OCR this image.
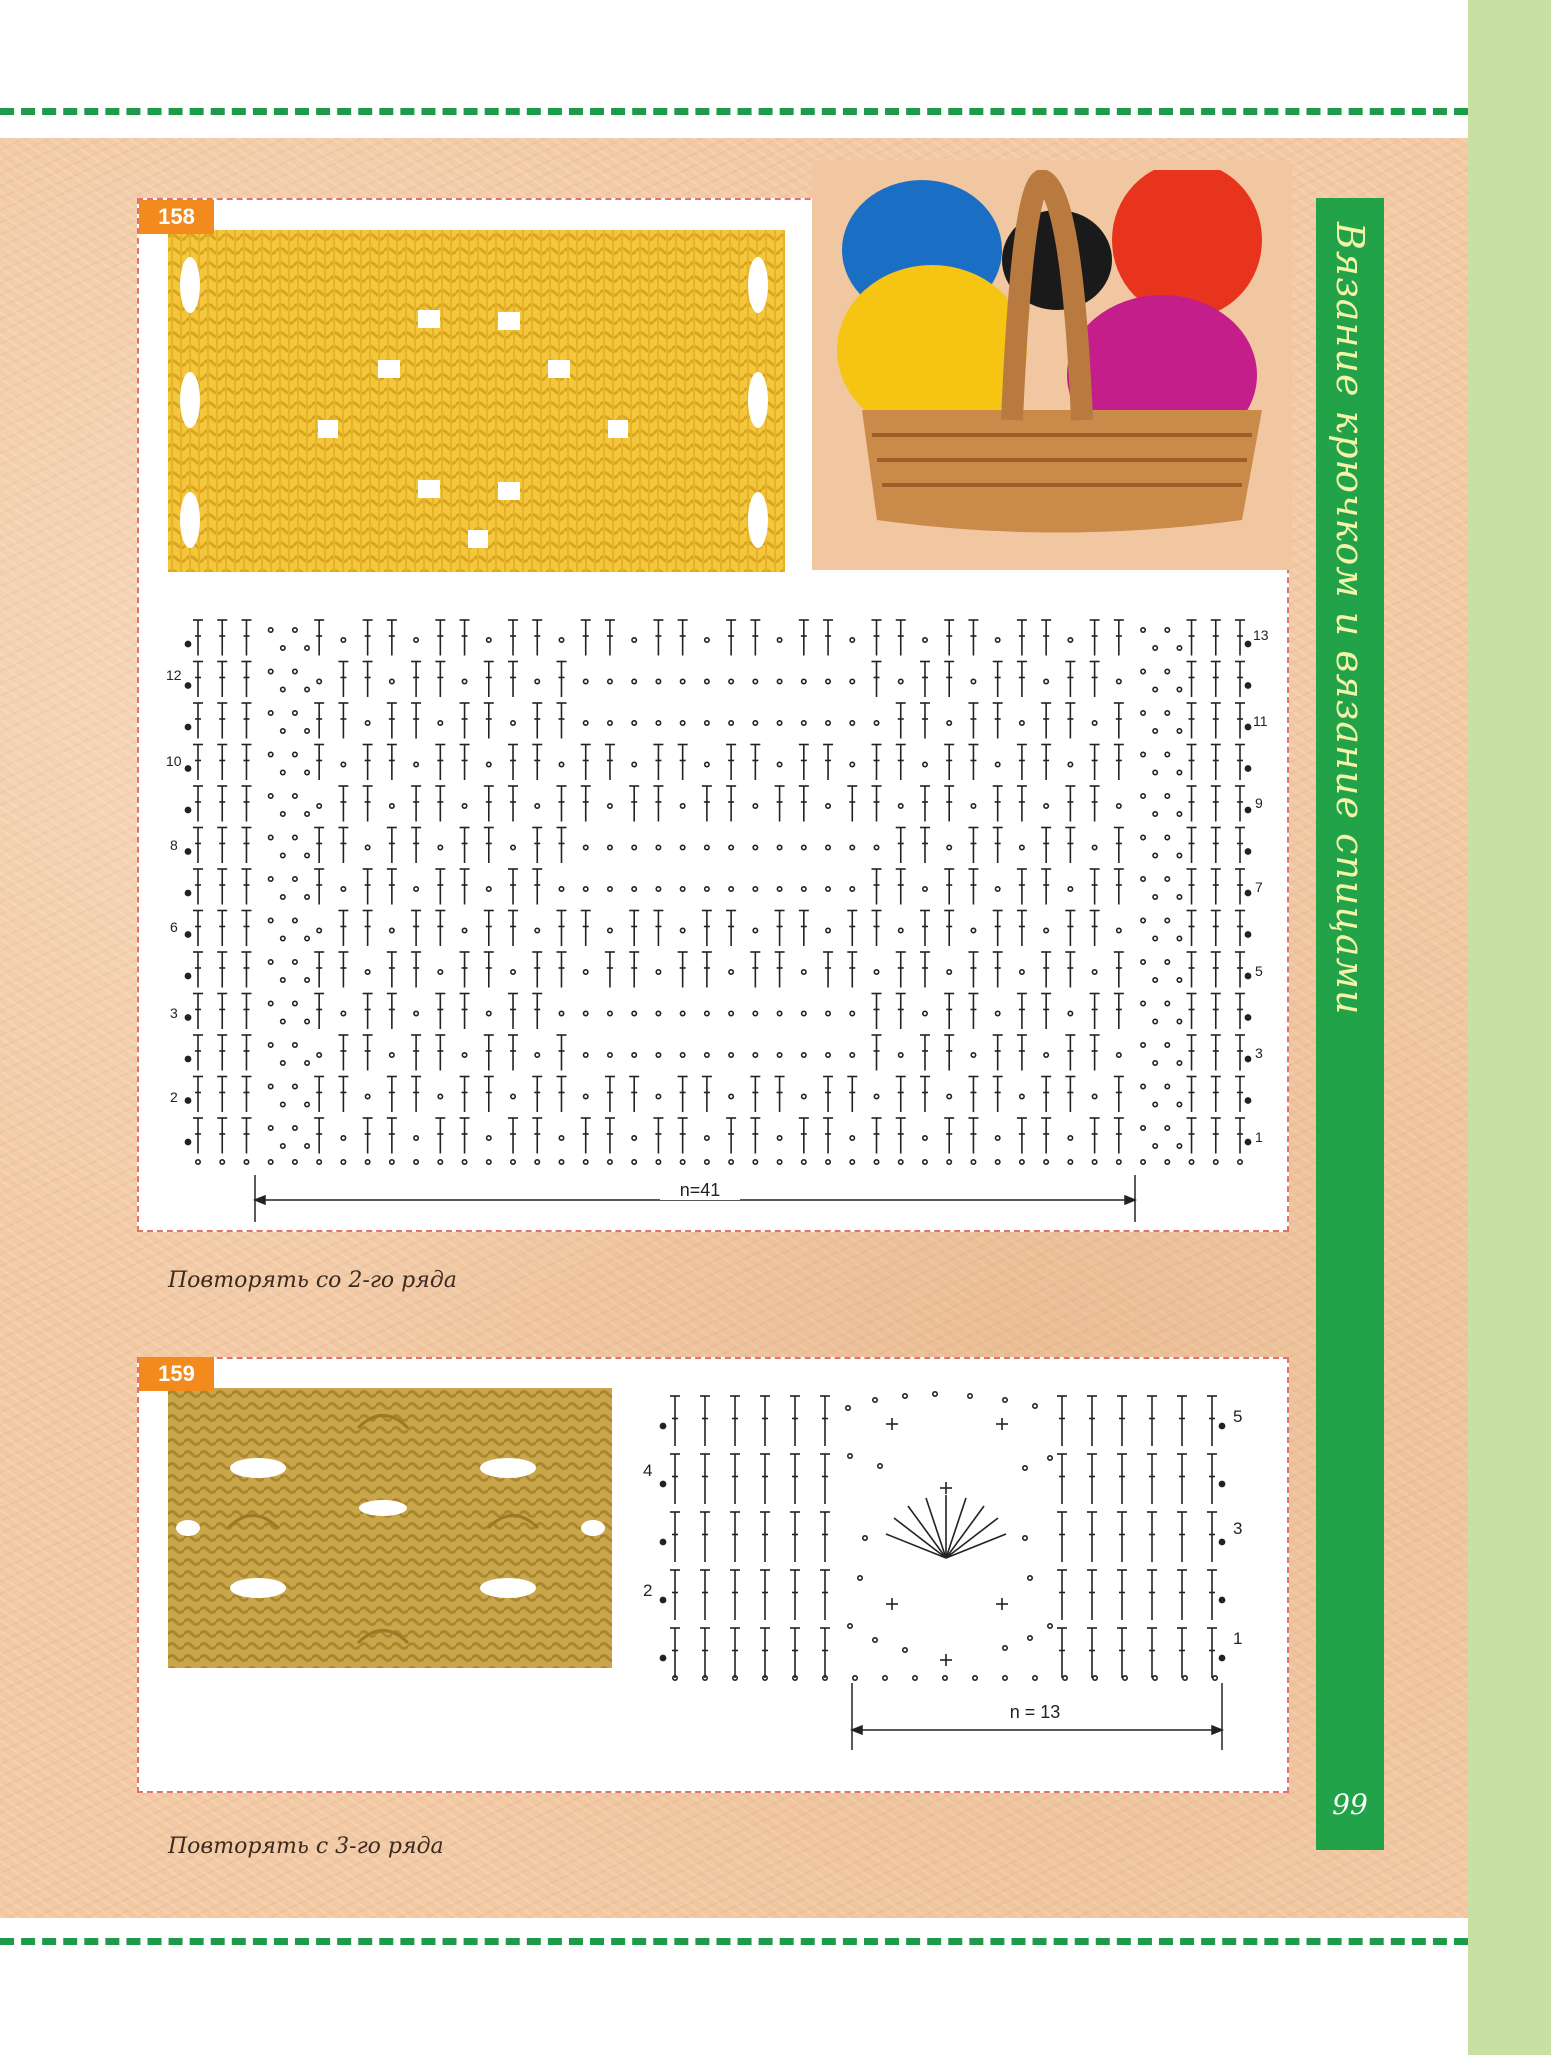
Вязание крючком и вязание спицами
99
158
12
10
8
6
3
2
13
11
9
7
5
3
1
n=41
Повторять со 2-го ряда
159
4
2
5
3
1
n = 13
Повторять с 3-го ряда
